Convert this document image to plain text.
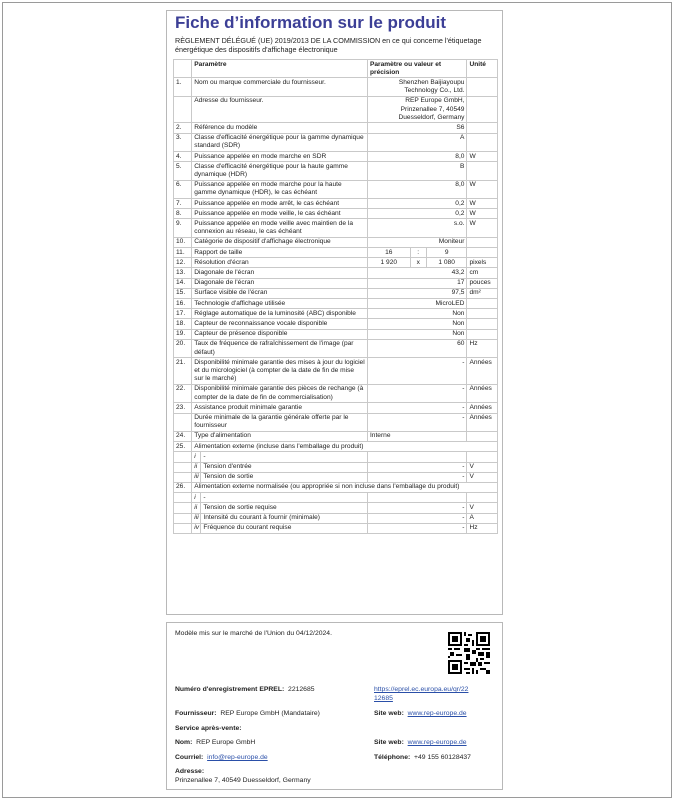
Fiche d’information sur le produit
RÈGLEMENT DÉLÉGUÉ (UE) 2019/2013 DE LA COMMISSION en ce qui concerne l'étiquetage énergétique des dispositifs d'affichage électronique
	Paramètre		Paramètre ou valeur et précision			Unité
1.	Nom ou marque commerciale du fournisseur.		Shenzhen Baijiayoupu Technology Co., Ltd.			
	Adresse du fournisseur.		REP Europe GmbH, Prinzenallee 7, 40549 Duesseldorf, Germany			
2.	Référence du modèle		S6			
3.	Classe d'efficacité énergétique pour la gamme dynamique standard (SDR)		A			
4.	Puissance appelée en mode marche en SDR		8,0			W
5.	Classe d'efficacité énergétique pour la haute gamme dynamique (HDR)		B			
6.	Puissance appelée en mode marche pour la haute gamme dynamique (HDR), le cas échéant		8,0			W
7.	Puissance appelée en mode arrêt, le cas échéant		0,2			W
8.	Puissance appelée en mode veille, le cas échéant		0,2			W
9.	Puissance appelée en mode veille avec maintien de la connexion au réseau, le cas échéant		s.o.			W
10.	Catégorie de dispositif d'affichage électronique		Moniteur			
11.	Rapport de taille		16	:	9	
12.	Résolution d'écran		1 920	x	1 080	pixels
13.	Diagonale de l'écran		43,2			cm
14.	Diagonale de l'écran		17			pouces
15.	Surface visible de l'écran		97,5			dm²
16.	Technologie d'affichage utilisée		MicroLED			
17.	Réglage automatique de la luminosité (ABC) disponible		Non			
18.	Capteur de reconnaissance vocale disponible		Non			
19.	Capteur de présence disponible		Non			
20.	Taux de fréquence de rafraîchissement de l'image (par défaut)		60			Hz
21.	Disponibilité minimale garantie des mises à jour du logiciel et du micrologiciel (à compter de la date de fin de mise sur le marché)		-			Années
22.	Disponibilité minimale garantie des pièces de rechange (à compter de la date de fin de commercialisation)		-			Années
23.	Assistance produit minimale garantie		-			Années
	Durée minimale de la garantie générale offerte par le fournisseur		-			Années
24.	Type d'alimentation		Interne			
25.	Alimentation externe (incluse dans l'emballage du produit)					
	i	-				
	ii	Tension d'entrée	-			V
	iii	Tension de sortie	-			V
26.	Alimentation externe normalisée (ou appropriée si non incluse dans l'emballage du produit)					
	i	-				
	ii	Tension de sortie requise	-			V
	iii	Intensité du courant à fournir (minimale)	-			A
	iv	Fréquence du courant requise	-			Hz
Modèle mis sur le marché de l'Union du 04/12/2024.
Numéro d'enregistrement EPREL: 2212685	https://eprel.ec.europa.eu/qr/22
12685
Fournisseur: REP Europe GmbH (Mandataire)	Site web: www.rep-europe.de
Service après-vente:
Nom: REP Europe GmbH	Site web: www.rep-europe.de
Courriel: info@rep-europe.de	Téléphone: +49 155 60128437
Adresse:
Prinzenallee 7, 40549 Duesseldorf, Germany
